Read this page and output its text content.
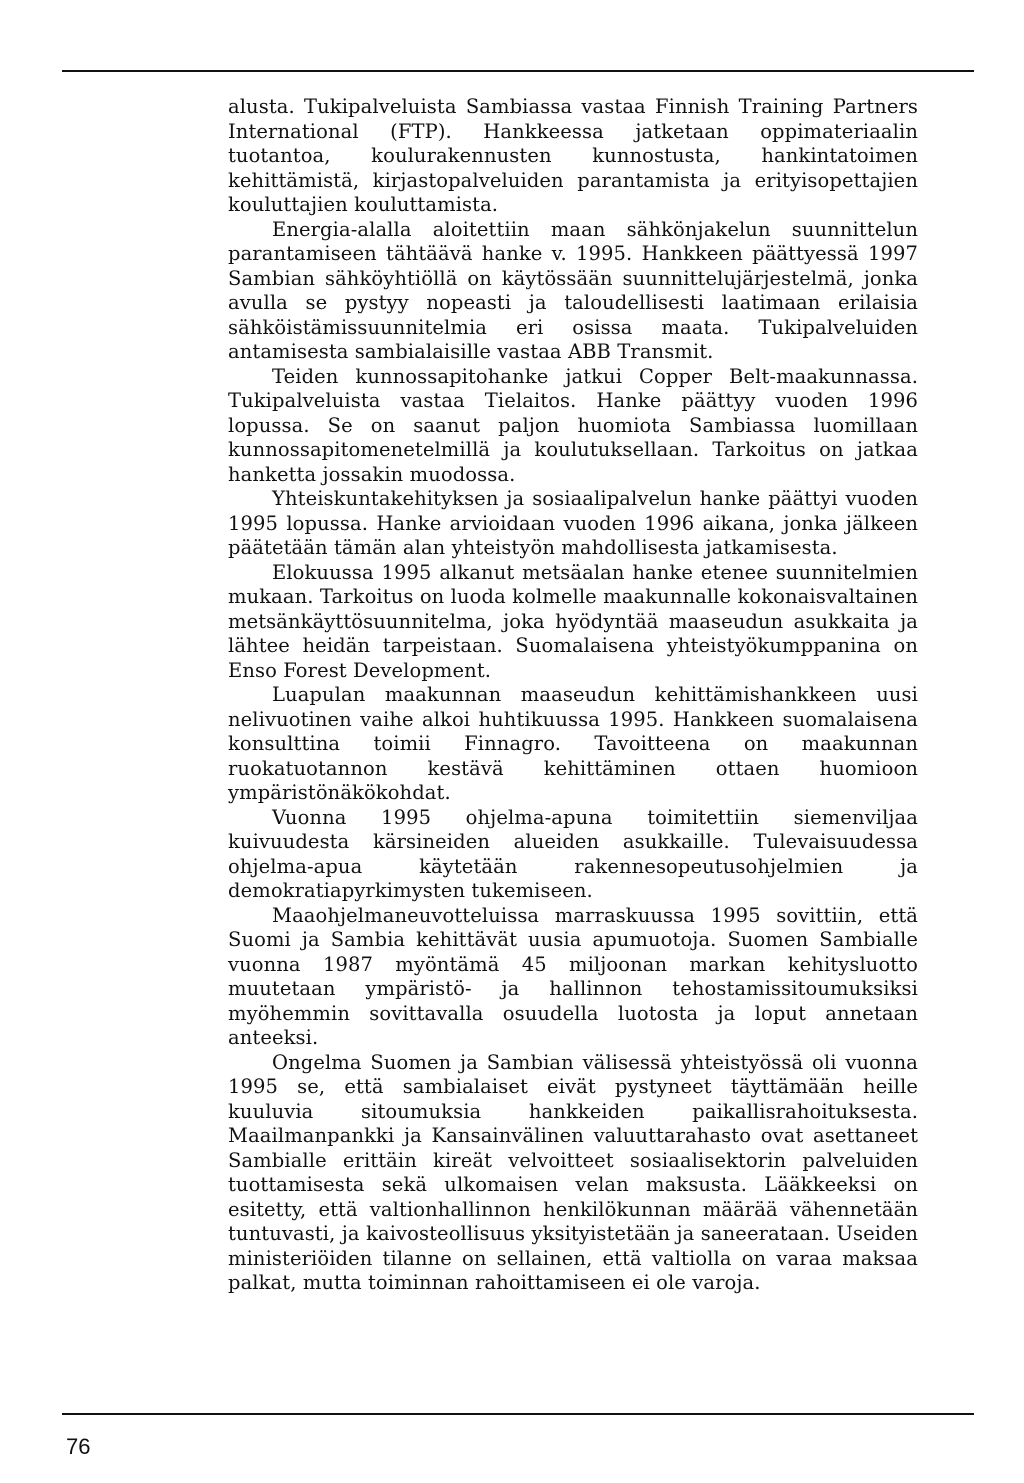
alusta. Tukipalveluista Sambiassa vastaa Finnish Training Partners International (FTP). Hankkeessa jatketaan oppimateriaalin tuotantoa, koulurakennusten kunnostusta, hankintatoimen kehittämistä, kirjastopalveluiden parantamista ja erityisopettajien kouluttajien kouluttamista.

Energia-alalla aloitettiin maan sähkönjakelun suunnittelun parantamiseen tähtäävä hanke v. 1995. Hankkeen päättyessä 1997 Sambian sähköyhtiöllä on käytössään suunnittelujärjestelmä, jonka avulla se pystyy nopeasti ja taloudellisesti laatimaan erilaisia sähköistämissuunnitelmia eri osissa maata. Tukipalveluiden antamisesta sambialaisille vastaa ABB Transmit.

Teiden kunnossapitohanke jatkui Copper Belt-maakunnassa. Tukipalveluista vastaa Tielaitos. Hanke päättyy vuoden 1996 lopussa. Se on saanut paljon huomiota Sambiassa luomillaan kunnossapitomenetelmillä ja koulutuksellaan. Tarkoitus on jatkaa hanketta jossakin muodossa.

Yhteiskuntakehityksen ja sosiaalipalvelun hanke päättyi vuoden 1995 lopussa. Hanke arvioidaan vuoden 1996 aikana, jonka jälkeen päätetään tämän alan yhteistyön mahdollisesta jatkamisesta.

Elokuussa 1995 alkanut metsäalan hanke etenee suunnitelmien mukaan. Tarkoitus on luoda kolmelle maakunnalle kokonaisvaltainen metsänkäyttösuunnitelma, joka hyödyntää maaseudun asukkaita ja lähtee heidän tarpeistaan. Suomalaisena yhteistyökumppanina on Enso Forest Development.

Luapulan maakunnan maaseudun kehittämishankkeen uusi nelivuotinen vaihe alkoi huhtikuussa 1995. Hankkeen suomalaisena konsulttina toimii Finnagro. Tavoitteena on maakunnan ruokatuotannon kestävä kehittäminen ottaen huomioon ympäristönäkökohdat.

Vuonna 1995 ohjelma-apuna toimitettiin siemenviljaa kuivuudesta kärsineiden alueiden asukkaille. Tulevaisuudessa ohjelma-apua käytetään rakennesopeutusohjelmien ja demokratiapyrkimysten tukemiseen.

Maaohjelmaneuvotteluissa marraskuussa 1995 sovittiin, että Suomi ja Sambia kehittävät uusia apumuotoja. Suomen Sambialle vuonna 1987 myöntämä 45 miljoonan markan kehitysluotto muutetaan ympäristö- ja hallinnon tehostamissitoumuksiksi myöhemmin sovittavalla osuudella luotosta ja loput annetaan anteeksi.

Ongelma Suomen ja Sambian välisessä yhteistyössä oli vuonna 1995 se, että sambialaiset eivät pystyneet täyttämään heille kuuluvia sitoumuksia hankkeiden paikallisrahoituksesta. Maailmanpankki ja Kansainvälinen valuuttarahasto ovat asettaneet Sambialle erittäin kireät velvoitteet sosiaalisektorin palveluiden tuottamisesta sekä ulkomaisen velan maksusta. Lääkkeeksi on esitetty, että valtionhallinnon henkilökunnan määrää vähennetään tuntuvasti, ja kaivosteollisuus yksityistetään ja saneerataan. Useiden ministeriöiden tilanne on sellainen, että valtiolla on varaa maksaa palkat, mutta toiminnan rahoittamiseen ei ole varoja.

76
